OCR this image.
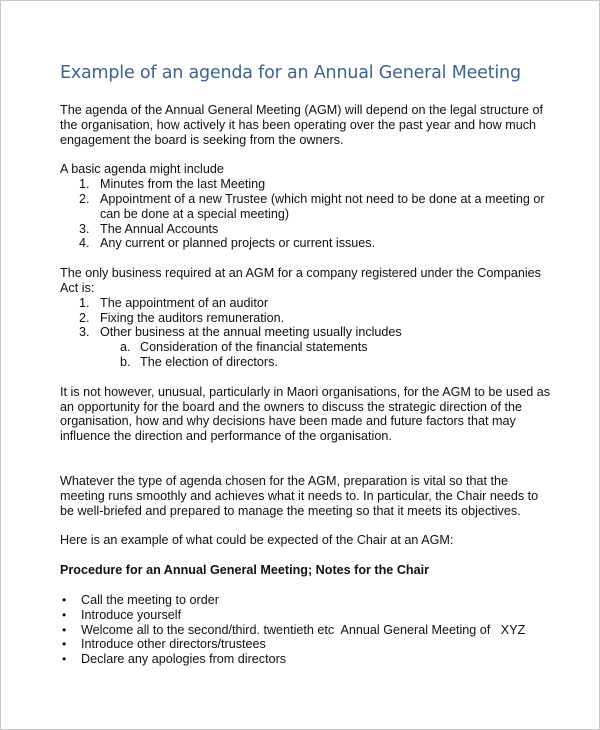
Example of an agenda for an Annual General Meeting

The agenda of the Annual General Meeting (AGM) will depend on the legal structure of the organisation, how actively it has been operating over the past year and how much engagement the board is seeking from the owners.

A basic agenda might include

1. Minutes from the last Meeting
2. Appointment of a new Trustee (which might not need to be done at a meeting or can be done at a special meeting)
3. The Annual Accounts
4. Any current or planned projects or current issues.

The only business required at an AGM for a company registered under the Companies Act is:

1. The appointment of an auditor
2. Fixing the auditors remuneration.
3. Other business at the annual meeting usually includes
a. Consideration of the financial statements
b. The election of directors.

It is not however, unusual, particularly in Maori organisations, for the AGM to be used as an opportunity for the board and the owners to discuss the strategic direction of the organisation, how and why decisions have been made and future factors that may influence the direction and performance of the organisation.

Whatever the type of agenda chosen for the AGM, preparation is vital so that the meeting runs smoothly and achieves what it needs to. In particular, the Chair needs to be well-briefed and prepared to manage the meeting so that it meets its objectives.

Here is an example of what could be expected of the Chair at an AGM:

Procedure for an Annual General Meeting; Notes for the Chair

• Call the meeting to order
• Introduce yourself
• Welcome all to the second/third. twentieth etc  Annual General Meeting of   XYZ
• Introduce other directors/trustees
• Declare any apologies from directors
